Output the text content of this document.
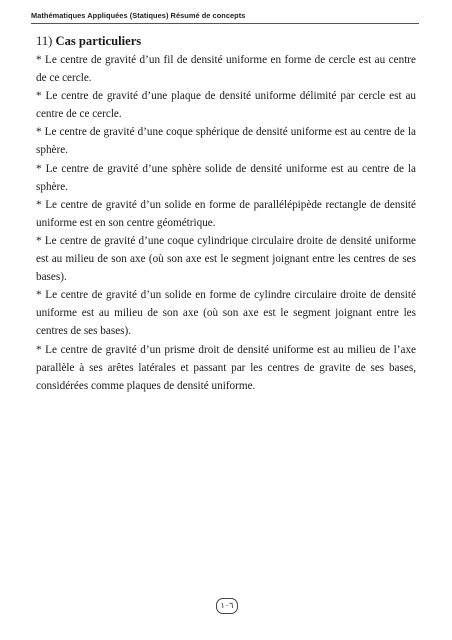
Mathématiques Appliquées (Statiques) Résumé de concepts
11) Cas particuliers

* Le centre de gravité d’un fil de densité uniforme en forme de cercle est au centre de ce cercle.

* Le centre de gravité d’une plaque de densité uniforme délimité par cercle est au centre de ce cercle.

* Le centre de gravité d’une coque sphérique de densité uniforme est au centre de la sphère.

* Le centre de gravité d’une sphère solide de densité uniforme est au centre de la sphère.

* Le centre de gravité d’un solide en forme de parallélépipède rectangle de densité uniforme est en son centre géométrique.

* Le centre de gravité d’une coque cylindrique circulaire droite de densité uniforme est au milieu de son axe (où son axe est le segment joignant entre les centres de ses bases).

* Le centre de gravité d’un solide en forme de cylindre circulaire droite de densité uniforme est au milieu de son axe (où son axe est le segment joignant entre les centres de ses bases).

* Le centre de gravité d’un prisme droit de densité uniforme est au milieu de l’axe parallèle à ses arêtes latérales et passant par les centres de gravite de ses bases, considérées comme plaques de densité uniforme.

١٠٦
